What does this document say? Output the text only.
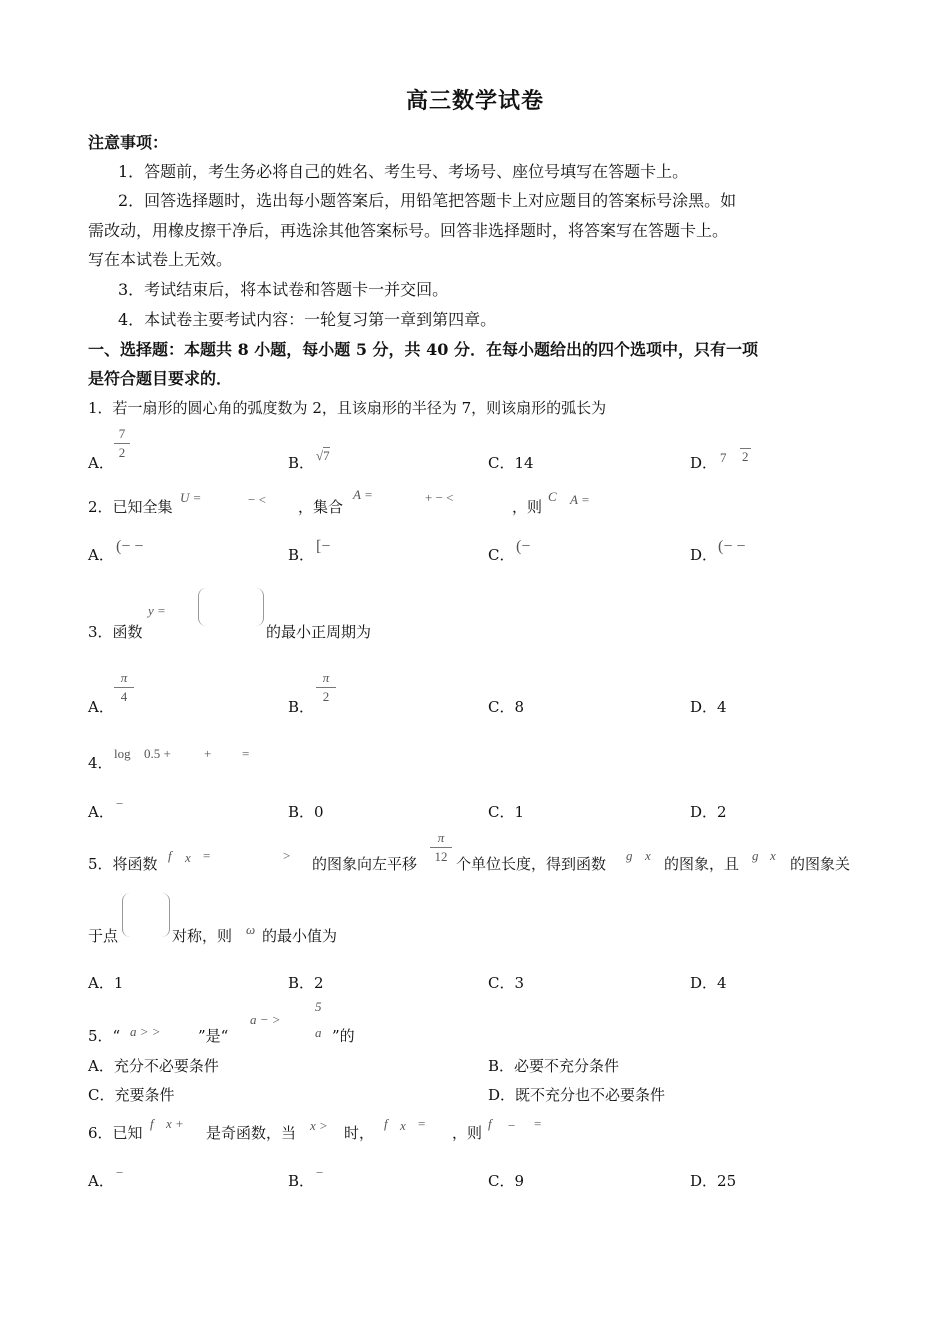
高三数学试卷
注意事项：
1．答题前，考生务必将自己的姓名、考生号、考场号、座位号填写在答题卡上。
2．回答选择题时，选出每小题答案后，用铅笔把答题卡上对应题目的答案标号涂黑。如
需改动，用橡皮擦干净后，再选涂其他答案标号。回答非选择题时，将答案写在答题卡上。
写在本试卷上无效。
3．考试结束后，将本试卷和答题卡一并交回。
4．本试卷主要考试内容：一轮复习第一章到第四章。
一、选择题：本题共 8 小题，每小题 5 分，共 40 分．在每小题给出的四个选项中，只有一项
是符合题目要求的．
1．若一扇形的圆心角的弧度数为 2，且该扇形的半径为 7，则该扇形的弧长为
A．
7
2
B． √7	C．14	D． 7 2
2．已知全集
U =	− < ，集合
A =	+ − <
，则
C A =
A． (− −	B． [−	C． (−	D． (− −
3．函数
y =
的最小正周期为
A．
π
4
B．
π
2
C．8	D．4
4．
log 0.5 +	+ =
A． −	B．0	C．1	D．2
5．将函数 f x =	> 的图象向左平移
π
12 个单位长度，得到函数 g x 的图象，且 g x 的图象关
于点	对称，则 ω 的最小值为
A．1	B．2	C．3	D．4
5．“ a > > ”是“
a − >
5
a ”的
A．充分不必要条件	B．必要不充分条件
C．充要条件	D．既不充分也不必要条件
6．已知
f x +
是奇函数，当 x > 时，
f x =
，则
f − =
A． −	B． −	C．9	D．25
